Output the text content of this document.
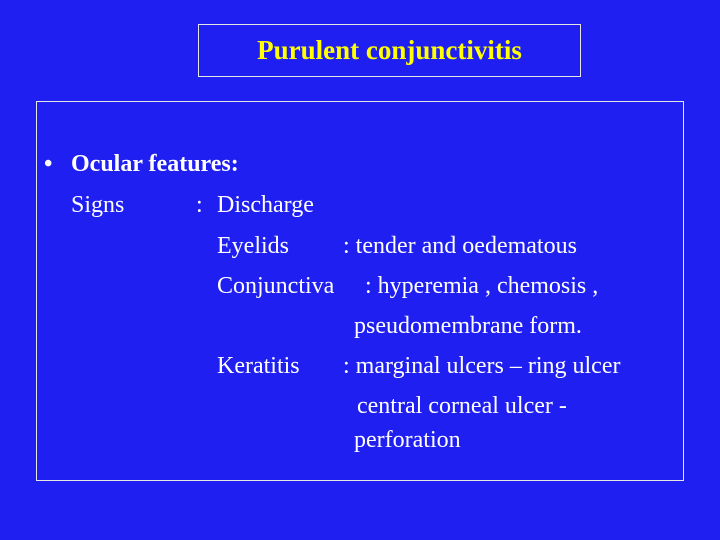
Purulent conjunctivitis
• Ocular features:
Signs	: Discharge
Eyelids : tender and oedematous
Conjunctiva : hyperemia , chemosis ,
pseudomembrane form.
Keratitis : marginal ulcers – ring ulcer
central corneal ulcer -
perforation
